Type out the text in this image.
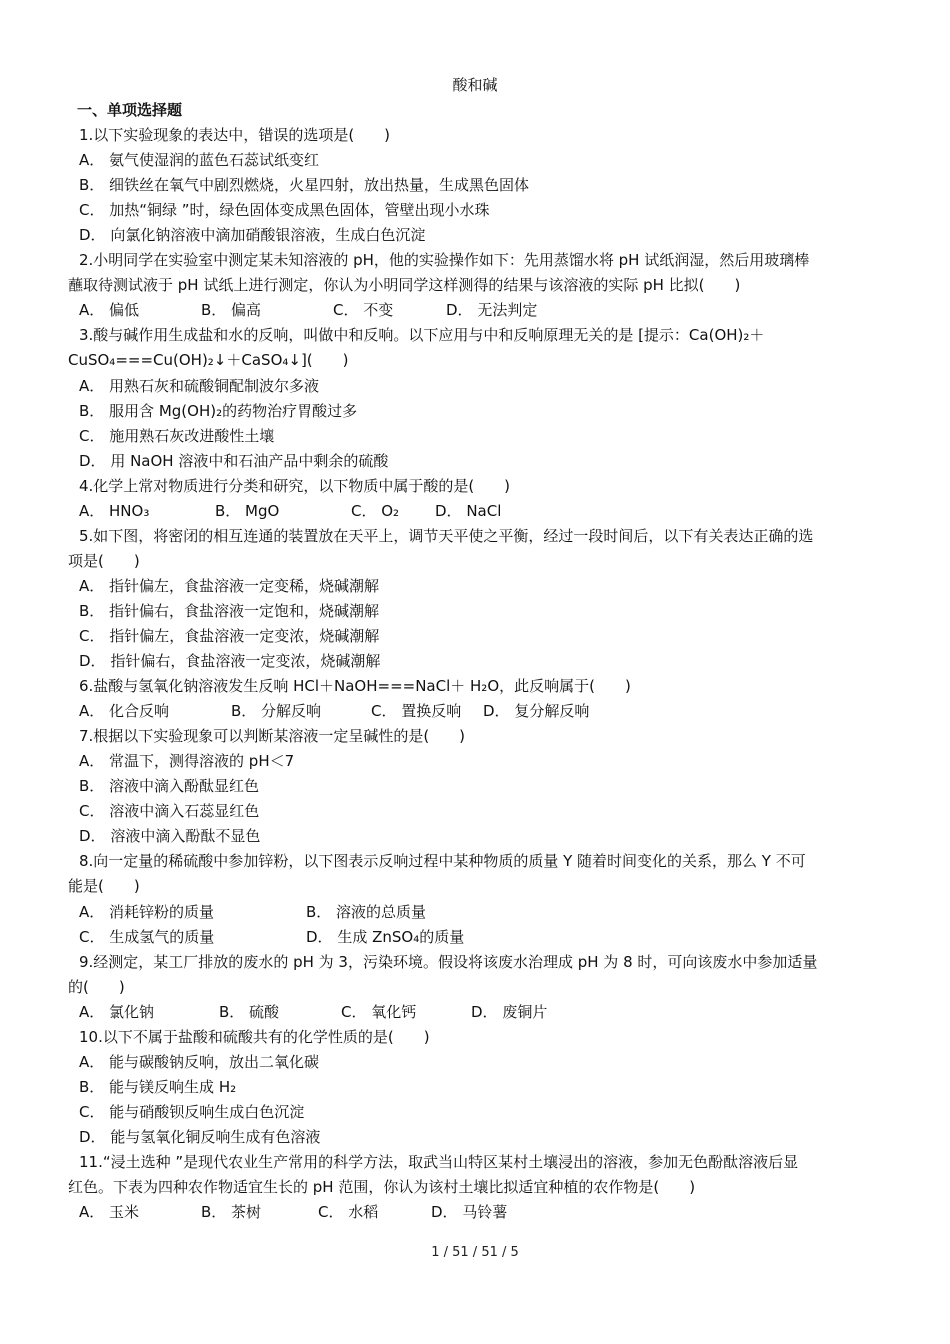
酸和碱
一、单项选择题
1.以下实验现象的表达中，错误的选项是(　　)
A． 氨气使湿润的蓝色石蕊试纸变红
B． 细铁丝在氧气中剧烈燃烧，火星四射，放出热量，生成黑色固体
C． 加热“铜绿 ”时，绿色固体变成黑色固体，管壁出现小水珠
D． 向氯化钠溶液中滴加硝酸银溶液，生成白色沉淀
2.小明同学在实验室中测定某未知溶液的 pH，他的实验操作如下：先用蒸馏水将 pH 试纸润湿，然后用玻璃棒
蘸取待测试液于 pH 试纸上进行测定，你认为小明同学这样测得的结果与该溶液的实际 pH 比拟(　　)
A． 偏低	B． 偏高	C． 不变	D． 无法判定
3.酸与碱作用生成盐和水的反响，叫做中和反响。以下应用与中和反响原理无关的是 [提示：Ca(OH)₂＋
CuSO₄===Cu(OH)₂↓＋CaSO₄↓](　　)
A． 用熟石灰和硫酸铜配制波尔多液
B． 服用含 Mg(OH)₂的药物治疗胃酸过多
C． 施用熟石灰改进酸性土壤
D． 用 NaOH 溶液中和石油产品中剩余的硫酸
4.化学上常对物质进行分类和研究，以下物质中属于酸的是(　　)
A． HNO₃	B． MgO	C． O₂ D． NaCl
5.如下图，将密闭的相互连通的装置放在天平上，调节天平使之平衡，经过一段时间后，以下有关表达正确的选
项是(　　)
A． 指针偏左，食盐溶液一定变稀，烧碱潮解
B． 指针偏右，食盐溶液一定饱和，烧碱潮解
C． 指针偏左，食盐溶液一定变浓，烧碱潮解
D． 指针偏右，食盐溶液一定变浓，烧碱潮解
6.盐酸与氢氧化钠溶液发生反响 HCl＋NaOH===NaCl＋ H₂O，此反响属于(　　)
A． 化合反响	B． 分解反响	C． 置换反响 D． 复分解反响
7.根据以下实验现象可以判断某溶液一定呈碱性的是(　　)
A． 常温下，测得溶液的 pH＜7
B． 溶液中滴入酚酞显红色
C． 溶液中滴入石蕊显红色
D． 溶液中滴入酚酞不显色
8.向一定量的稀硫酸中参加锌粉，以下图表示反响过程中某种物质的质量 Y 随着时间变化的关系，那么 Y 不可
能是(　　)
A． 消耗锌粉的质量	B． 溶液的总质量
C． 生成氢气的质量	D． 生成 ZnSO₄的质量
9.经测定，某工厂排放的废水的 pH 为 3，污染环境。假设将该废水治理成 pH 为 8 时，可向该废水中参加适量
的(　　)
A． 氯化钠	B． 硫酸	C． 氧化钙	D． 废铜片
10.以下不属于盐酸和硫酸共有的化学性质的是(　　)
A． 能与碳酸钠反响，放出二氧化碳
B． 能与镁反响生成 H₂
C． 能与硝酸钡反响生成白色沉淀
D． 能与氢氧化铜反响生成有色溶液
11.“浸土选种 ”是现代农业生产常用的科学方法，取武当山特区某村土壤浸出的溶液，参加无色酚酞溶液后显
红色。下表为四种农作物适宜生长的 pH 范围，你认为该村土壤比拟适宜种植的农作物是(　　)
A． 玉米	B． 茶树	C． 水稻	D． 马铃薯
1 / 51 / 51 / 5
